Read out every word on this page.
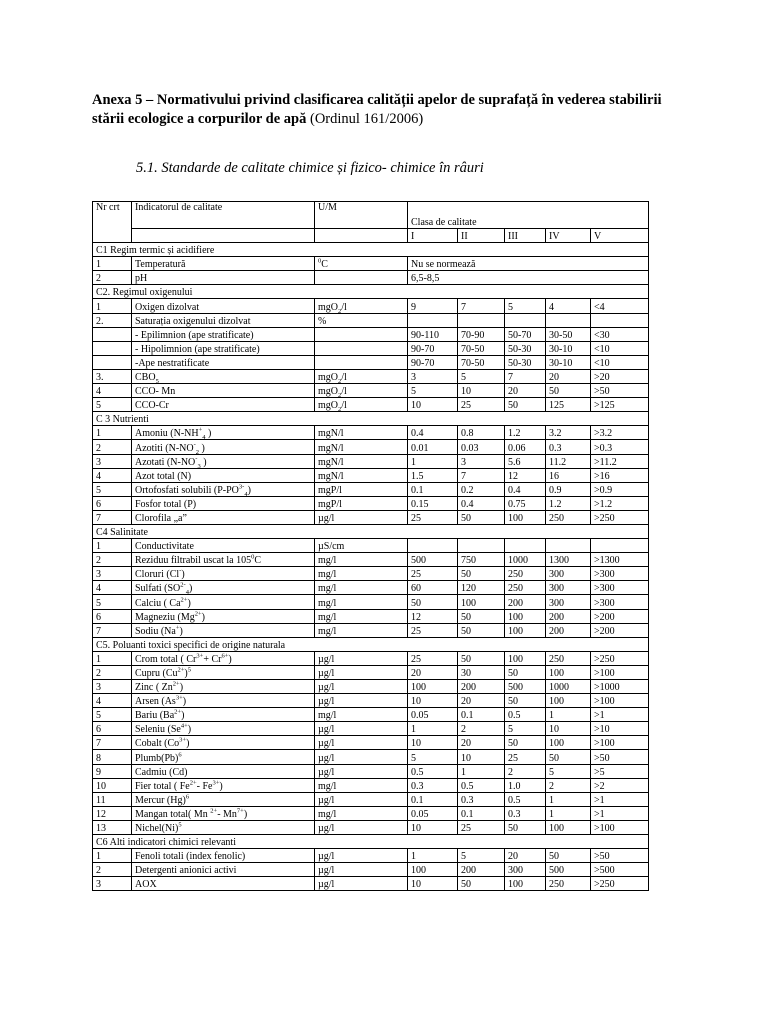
Anexa 5 – Normativului privind clasificarea calității apelor de suprafață în vederea stabilirii stării ecologice a corpurilor de apă (Ordinul 161/2006)
5.1. Standarde de calitate chimice și fizico- chimice în râuri
Nr crt	Indicatorul de calitate	U/M	Clasa de calitate				
			I	II	III	IV	V
C1 Regim termic și acidifiere							
1	Temperatură	$^0$C	Nu se normează				
2	pH		6,5-8,5				
C2. Regimul oxigenului							
1	Oxigen dizolvat	mgO$_2$/l	9	7	5	4	<4
2.	Saturația oxigenului dizolvat	%					
	- Epilimnion (ape stratificate)		90-110	70-90	50-70	30-50	<30
	- Hipolimnion (ape stratificate)		90-70	70-50	50-30	30-10	<10
	-Ape nestratificate		90-70	70-50	50-30	30-10	<10
3.	$CBO_5$	mgO$_2$/l	3	5	7	20	>20
4	CCO- Mn	mgO$_2$/l	5	10	20	50	>50
5	CCO-Cr	mgO$_2$/l	10	25	50	125	>125
C 3 Nutrienti							
1	Amoniu ($N-NH^+_4$ )	mgN/l	0.4	0.8	1.2	3.2	>3.2
2	Azotiti ($N-NO^-_2$ )	mgN/l	0.01	0.03	0.06	0.3	>0.3
3	Azotati ($N-NO^-_3$ )	mgN/l	1	3	5.6	11.2	>11.2
4	Azot total (N)	mgN/l	1.5	7	12	16	>16
5	Ortofosfati solubili $(P-PO^{3-}_4)$	mgP/l	0.1	0.2	0.4	0.9	>0.9
6	Fosfor total (P)	mgP/l	0.15	0.4	0.75	1.2	>1.2
7	Clorofila „a”	µg/l	25	50	100	250	>250
C4 Salinitate							
1	Conductivitate	µS/cm					
2	Reziduu filtrabil uscat la $105^0C$	mg/l	500	750	1000	1300	>1300
3	Cloruri (Cl-)	mg/l	25	50	250	300	>300
4	Sulfati $(SO^{2-}_4)$	mg/l	60	120	250	300	>300
5	Calciu ( $Ca^{2+}$)	mg/l	50	100	200	300	>300
6	Magneziu $(Mg^{2+})$	mg/l	12	50	100	200	>200
7	Sodiu (Na+)	mg/l	25	50	100	200	>200
C5. Poluanti toxici specifici de origine naturala							
1	Crom total ( $Cr^{3+}+ Cr^{6+}$)	µg/l	25	50	100	250	>250
2	Cupru $(Cu^{2+})^5$	µg/l	20	30	50	100	>100
3	Zinc ( $Zn^{2+}$)	µg/l	100	200	500	1000	>1000
4	Arsen $(As^{3+})$	µg/l	10	20	50	100	>100
5	Bariu $(Ba^{2+})$	mg/l	0.05	0.1	0.5	1	>1
6	Seleniu $(Se^{4+})$	µg/l	1	2	5	10	>10
7	Cobalt $(Co^{3+})$	µg/l	10	20	50	100	>100
8	$Plumb(Pb)^6$	µg/l	5	10	25	50	>50
9	Cadmiu (Cd)	µg/l	0.5	1	2	5	>5
10	Fier total ( $Fe^{2+}-$ $Fe^{3+}$)	mg/l	0.3	0.5	1.0	2	>2
11	Mercur $(Hg)^6$	µg/l	0.1	0.3	0.5	1	>1
12	Mangan total( Mn $^{2+}$- $Mn^{7+}$)	mg/l	0.05	0.1	0.3	1	>1
13	$Nichel(Ni)^5$	µg/l	10	25	50	100	>100
C6 Alti indicatori chimici relevanti							
1	Fenoli totali (index fenolic)	µg/l	1	5	20	50	>50
2	Detergenti anionici activi	µg/l	100	200	300	500	>500
3	AOX	µg/l	10	50	100	250	>250
